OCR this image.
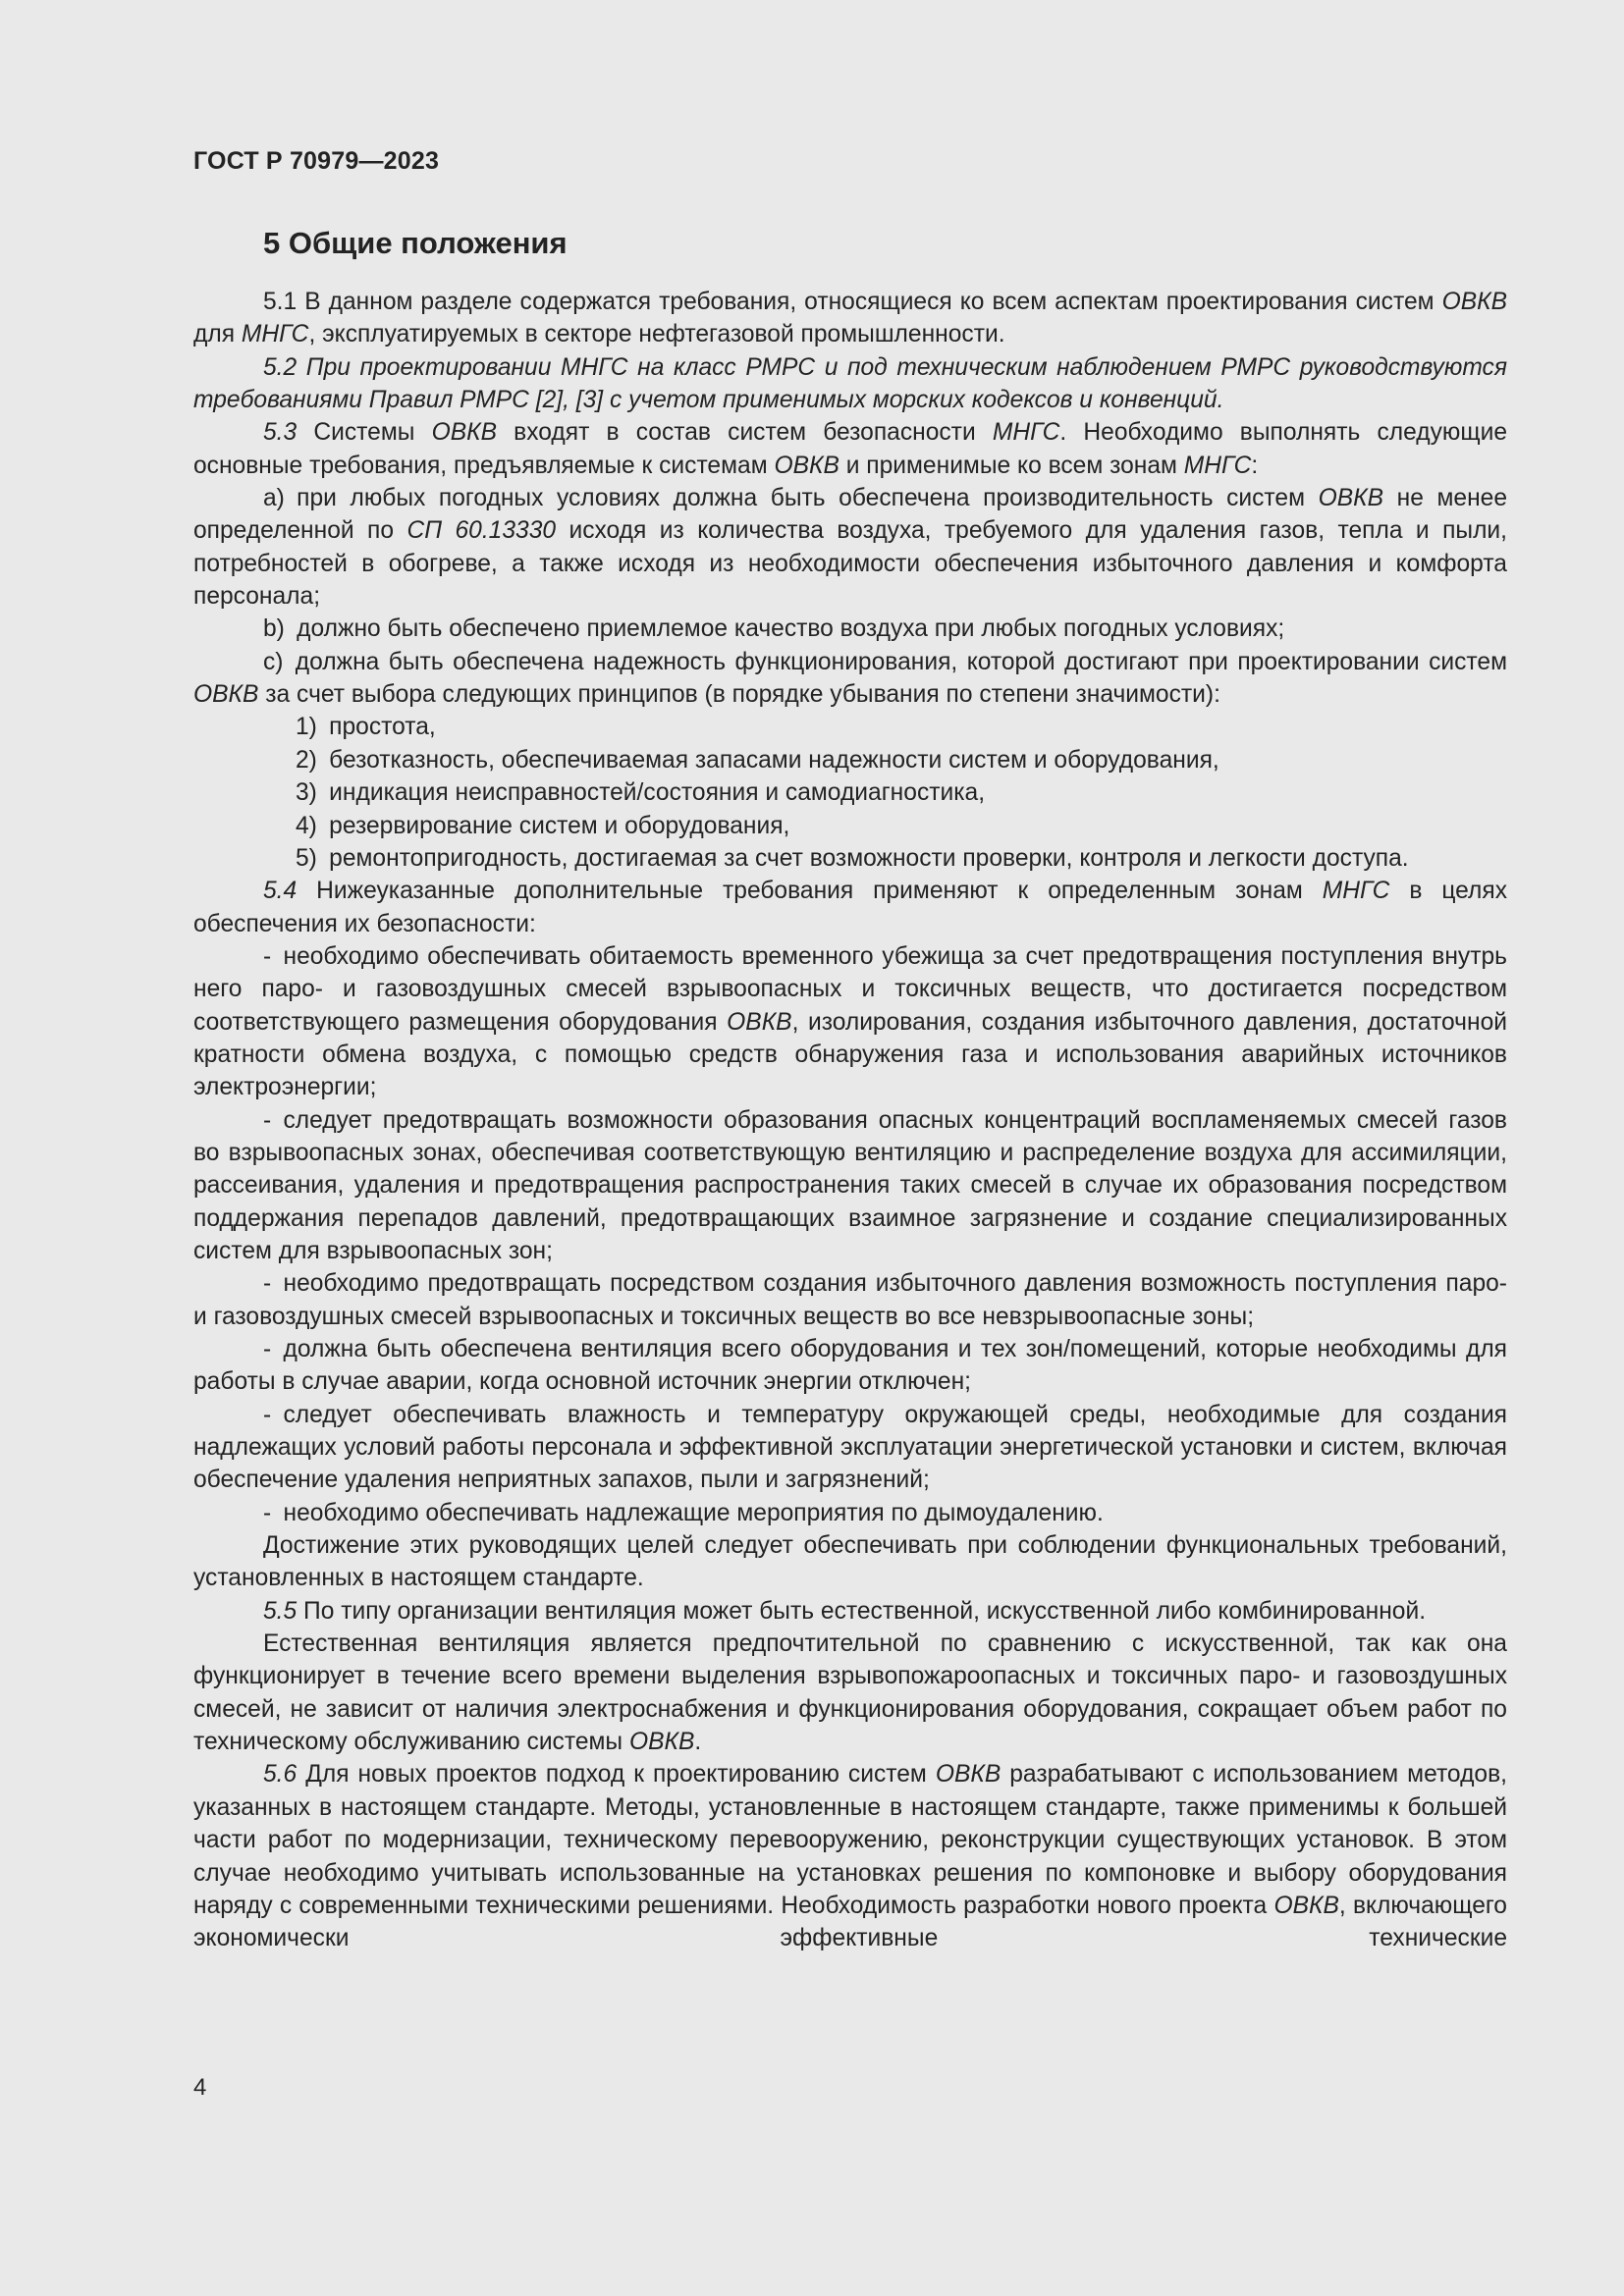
ГОСТ Р 70979—2023
5 Общие положения

5.1 В данном разделе содержатся требования, относящиеся ко всем аспектам проектирования систем ОВКВ для МНГС, эксплуатируемых в секторе нефтегазовой промышленности.

5.2 При проектировании МНГС на класс РМРС и под техническим наблюдением РМРС руководствуются требованиями Правил РМРС [2], [3] с учетом применимых морских кодексов и конвенций.

5.3 Системы ОВКВ входят в состав систем безопасности МНГС. Необходимо выполнять следующие основные требования, предъявляемые к системам ОВКВ и применимые ко всем зонам МНГС:

a) при любых погодных условиях должна быть обеспечена производительность систем ОВКВ не менее определенной по СП 60.13330 исходя из количества воздуха, требуемого для удаления газов, тепла и пыли, потребностей в обогреве, а также исходя из необходимости обеспечения избыточного давления и комфорта персонала;

b) должно быть обеспечено приемлемое качество воздуха при любых погодных условиях;

c) должна быть обеспечена надежность функционирования, которой достигают при проектировании систем ОВКВ за счет выбора следующих принципов (в порядке убывания по степени значимости):

1) простота,

2) безотказность, обеспечиваемая запасами надежности систем и оборудования,

3) индикация неисправностей/состояния и самодиагностика,

4) резервирование систем и оборудования,

5) ремонтопригодность, достигаемая за счет возможности проверки, контроля и легкости доступа.

5.4 Нижеуказанные дополнительные требования применяют к определенным зонам МНГС в целях обеспечения их безопасности:

- необходимо обеспечивать обитаемость временного убежища за счет предотвращения поступления внутрь него паро- и газовоздушных смесей взрывоопасных и токсичных веществ, что достигается посредством соответствующего размещения оборудования ОВКВ, изолирования, создания избыточного давления, достаточной кратности обмена воздуха, с помощью средств обнаружения газа и использования аварийных источников электроэнергии;

- следует предотвращать возможности образования опасных концентраций воспламеняемых смесей газов во взрывоопасных зонах, обеспечивая соответствующую вентиляцию и распределение воздуха для ассимиляции, рассеивания, удаления и предотвращения распространения таких смесей в случае их образования посредством поддержания перепадов давлений, предотвращающих взаимное загрязнение и создание специализированных систем для взрывоопасных зон;

- необходимо предотвращать посредством создания избыточного давления возможность поступления паро- и газовоздушных смесей взрывоопасных и токсичных веществ во все невзрывоопасные зоны;

- должна быть обеспечена вентиляция всего оборудования и тех зон/помещений, которые необходимы для работы в случае аварии, когда основной источник энергии отключен;

- следует обеспечивать влажность и температуру окружающей среды, необходимые для создания надлежащих условий работы персонала и эффективной эксплуатации энергетической установки и систем, включая обеспечение удаления неприятных запахов, пыли и загрязнений;

- необходимо обеспечивать надлежащие мероприятия по дымоудалению.

Достижение этих руководящих целей следует обеспечивать при соблюдении функциональных требований, установленных в настоящем стандарте.

5.5 По типу организации вентиляция может быть естественной, искусственной либо комбинированной.

Естественная вентиляция является предпочтительной по сравнению с искусственной, так как она функционирует в течение всего времени выделения взрывопожароопасных и токсичных паро- и газовоздушных смесей, не зависит от наличия электроснабжения и функционирования оборудования, сокращает объем работ по техническому обслуживанию системы ОВКВ.

5.6 Для новых проектов подход к проектированию систем ОВКВ разрабатывают с использованием методов, указанных в настоящем стандарте. Методы, установленные в настоящем стандарте, также применимы к большей части работ по модернизации, техническому перевооружению, реконструкции существующих установок. В этом случае необходимо учитывать использованные на установках решения по компоновке и выбору оборудования наряду с современными техническими решениями. Необходимость разработки нового проекта ОВКВ, включающего экономически эффективные технические

4
